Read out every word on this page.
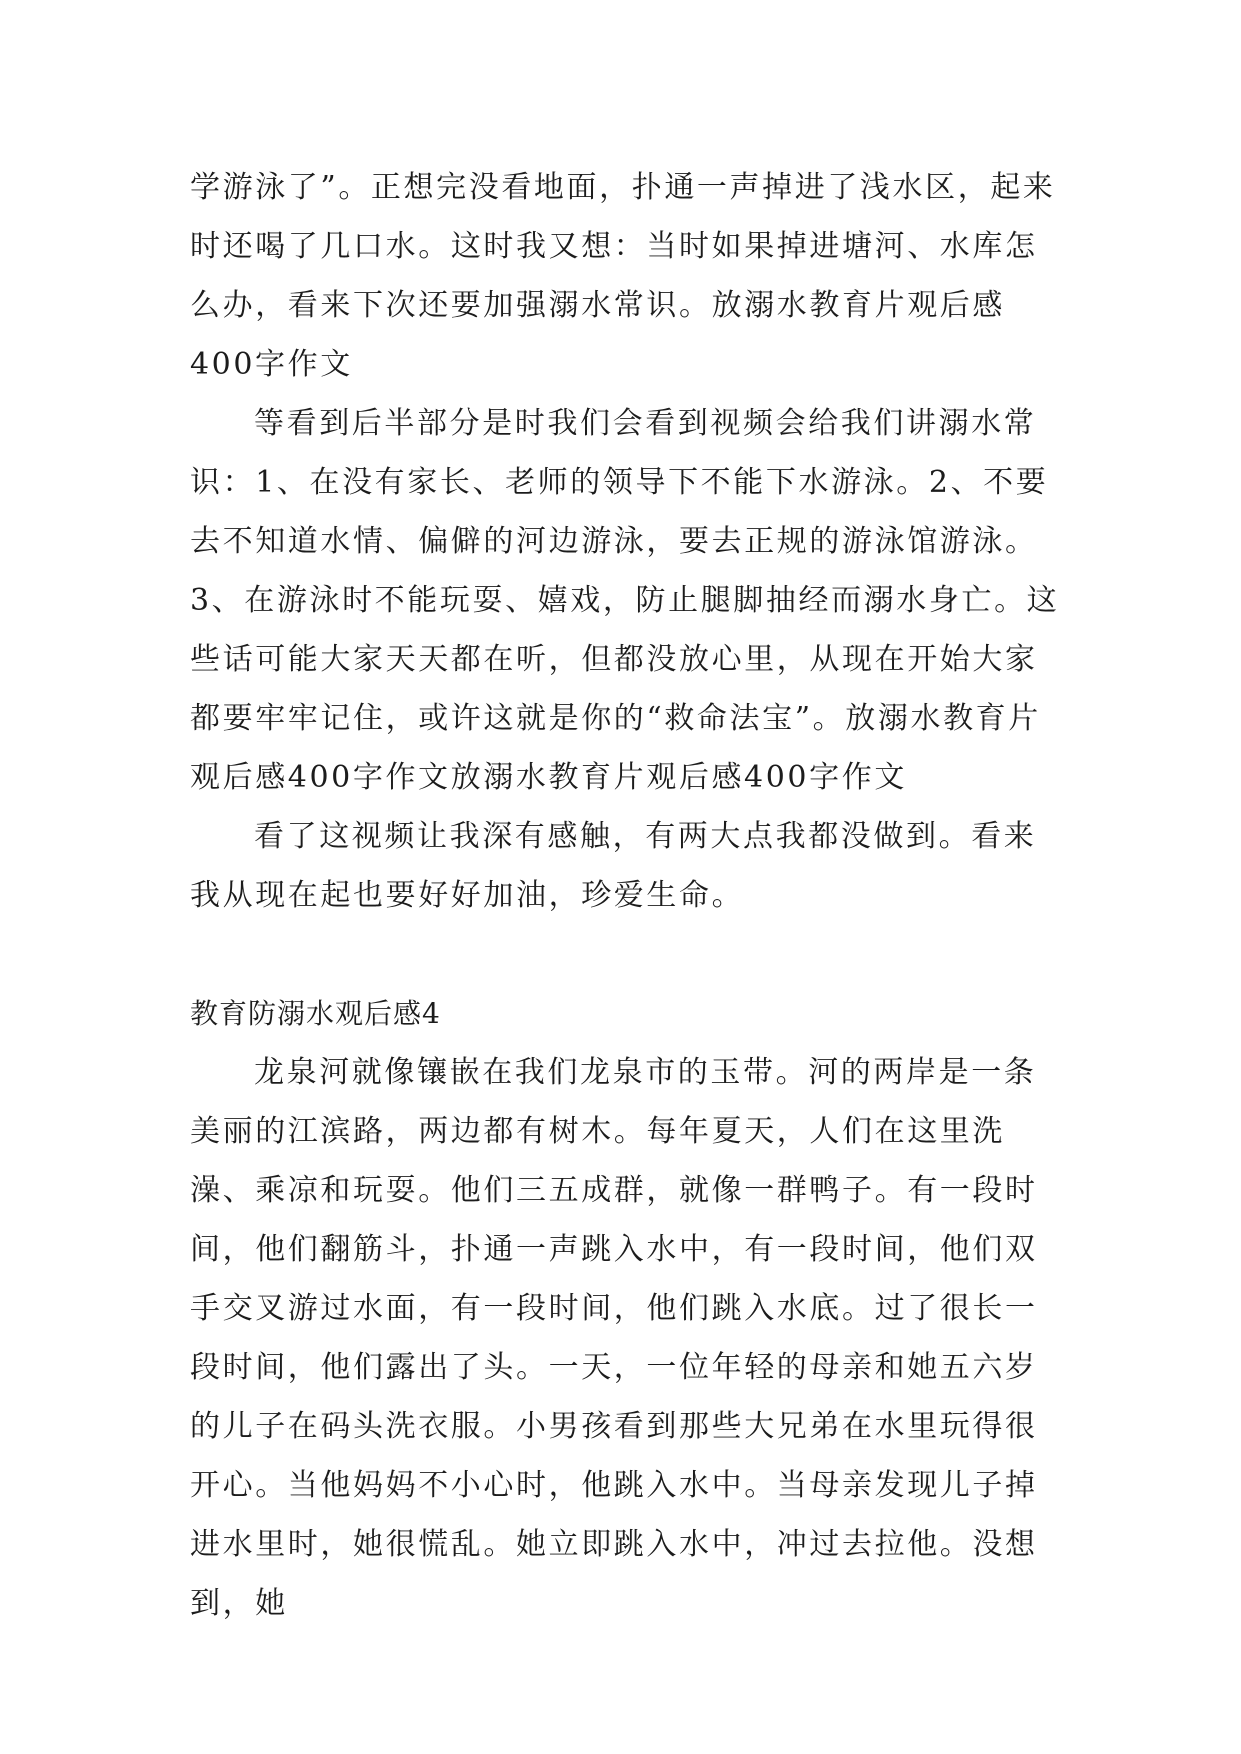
学游泳了”。正想完没看地面，扑通一声掉进了浅水区，起来时还喝了几口水。这时我又想：当时如果掉进塘河、水库怎么办，看来下次还要加强溺水常识。放溺水教育片观后感400字作文

等看到后半部分是时我们会看到视频会给我们讲溺水常识：1、在没有家长、老师的领导下不能下水游泳。2、不要去不知道水情、偏僻的河边游泳，要去正规的游泳馆游泳。3、在游泳时不能玩耍、嬉戏，防止腿脚抽经而溺水身亡。这些话可能大家天天都在听，但都没放心里，从现在开始大家都要牢牢记住，或许这就是你的“救命法宝”。放溺水教育片观后感400字作文放溺水教育片观后感400字作文

看了这视频让我深有感触，有两大点我都没做到。看来我从现在起也要好好加油，珍爱生命。

教育防溺水观后感4

龙泉河就像镶嵌在我们龙泉市的玉带。河的两岸是一条美丽的江滨路，两边都有树木。每年夏天，人们在这里洗澡、乘凉和玩耍。他们三五成群，就像一群鸭子。有一段时间，他们翻筋斗，扑通一声跳入水中，有一段时间，他们双手交叉游过水面，有一段时间，他们跳入水底。过了很长一段时间，他们露出了头。一天，一位年轻的母亲和她五六岁的儿子在码头洗衣服。小男孩看到那些大兄弟在水里玩得很开心。当他妈妈不小心时，他跳入水中。当母亲发现儿子掉进水里时，她很慌乱。她立即跳入水中，冲过去拉他。没想到，她
